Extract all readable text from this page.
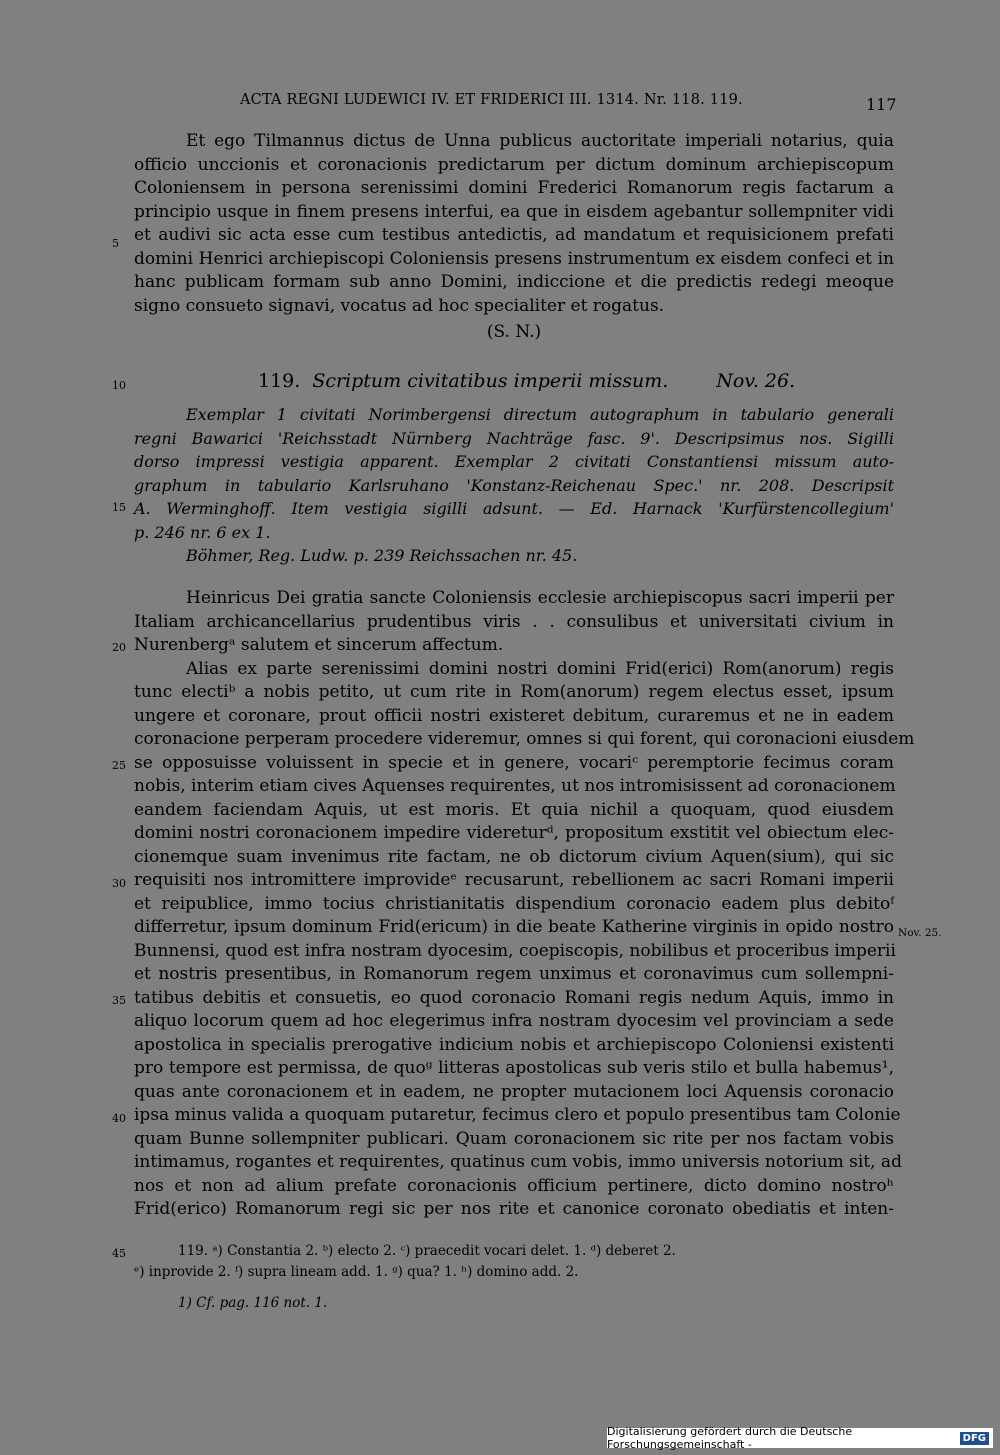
ACTA REGNI LUDEWICI IV. ET FRIDERICI III. 1314. Nr. 118. 119.	117
Et ego Tilmannus dictus de Unna publicus auctoritate imperiali notarius, quia
officio unccionis et coronacionis predictarum per dictum dominum archiepiscopum
Coloniensem in persona serenissimi domini Frederici Romanorum regis factarum a
principio usque in finem presens interfui, ea que in eisdem agebantur sollempniter vidi
et audivi sic acta esse cum testibus antedictis, ad mandatum et requisicionem prefati
domini Henrici archiepiscopi Coloniensis presens instrumentum ex eisdem confeci et in
hanc publicam formam sub anno Domini, indiccione et die predictis redegi meoque
signo consueto signavi, vocatus ad hoc specialiter et rogatus.
(S. N.)
119. Scriptum civitatibus imperii missum.	Nov. 26.
Exemplar 1 civitati Norimbergensi directum autographum in tabulario generali
regni Bawarici 'Reichsstadt Nürnberg Nachträge fasc. 9'. Descripsimus nos. Sigilli
dorso impressi vestigia apparent. Exemplar 2 civitati Constantiensi missum auto-
graphum in tabulario Karlsruhano 'Konstanz-Reichenau Spec.' nr. 208. Descripsit
A. Werminghoff. Item vestigia sigilli adsunt. — Ed. Harnack 'Kurfürstencollegium'
p. 246 nr. 6 ex 1.
Böhmer, Reg. Ludw. p. 239 Reichssachen nr. 45.
Heinricus Dei gratia sancte Coloniensis ecclesie archiepiscopus sacri imperii per
Italiam archicancellarius prudentibus viris . . consulibus et universitati civium in
Nurenbergᵃ salutem et sincerum affectum.
Alias ex parte serenissimi domini nostri domini Frid(erici) Rom(anorum) regis
tunc electiᵇ a nobis petito, ut cum rite in Rom(anorum) regem electus esset, ipsum
ungere et coronare, prout officii nostri existeret debitum, curaremus et ne in eadem
coronacione perperam procedere videremur, omnes si qui forent, qui coronacioni eiusdem
se opposuisse voluissent in specie et in genere, vocariᶜ peremptorie fecimus coram
nobis, interim etiam cives Aquenses requirentes, ut nos intromisissent ad coronacionem
eandem faciendam Aquis, ut est moris. Et quia nichil a quoquam, quod eiusdem
domini nostri coronacionem impedire videreturᵈ, propositum exstitit vel obiectum elec-
cionemque suam invenimus rite factam, ne ob dictorum civium Aquen(sium), qui sic
requisiti nos intromittere improvideᵉ recusarunt, rebellionem ac sacri Romani imperii
et reipublice, immo tocius christianitatis dispendium coronacio eadem plus debitoᶠ
differretur, ipsum dominum Frid(ericum) in die beate Katherine virginis in opido nostro
Bunnensi, quod est infra nostram dyocesim, coepiscopis, nobilibus et proceribus imperii
et nostris presentibus, in Romanorum regem unximus et coronavimus cum sollempni-
tatibus debitis et consuetis, eo quod coronacio Romani regis nedum Aquis, immo in
aliquo locorum quem ad hoc elegerimus infra nostram dyocesim vel provinciam a sede
apostolica in specialis prerogative indicium nobis et archiepiscopo Coloniensi existenti
pro tempore est permissa, de quoᵍ litteras apostolicas sub veris stilo et bulla habemus¹,
quas ante coronacionem et in eadem, ne propter mutacionem loci Aquensis coronacio
ipsa minus valida a quoquam putaretur, fecimus clero et populo presentibus tam Colonie
quam Bunne sollempniter publicari. Quam coronacionem sic rite per nos factam vobis
intimamus, rogantes et requirentes, quatinus cum vobis, immo universis notorium sit, ad
nos et non ad alium prefate coronacionis officium pertinere, dicto domino nostroʰ
Frid(erico) Romanorum regi sic per nos rite et canonice coronato obediatis et inten-
Nov. 25.
5
10
15
20
25
30
35
40
45	119. ᵃ) Constantia 2. ᵇ) electo 2. ᶜ) praecedit vocari delet. 1. ᵈ) deberet 2.
ᵉ) inprovide 2. ᶠ) supra lineam add. 1. ᵍ) qua? 1. ʰ) domino add. 2.
1) Cf. pag. 116 not. 1.
Digitalisierung gefördert durch die Deutsche Forschungsgemeinschaft -	DFG
